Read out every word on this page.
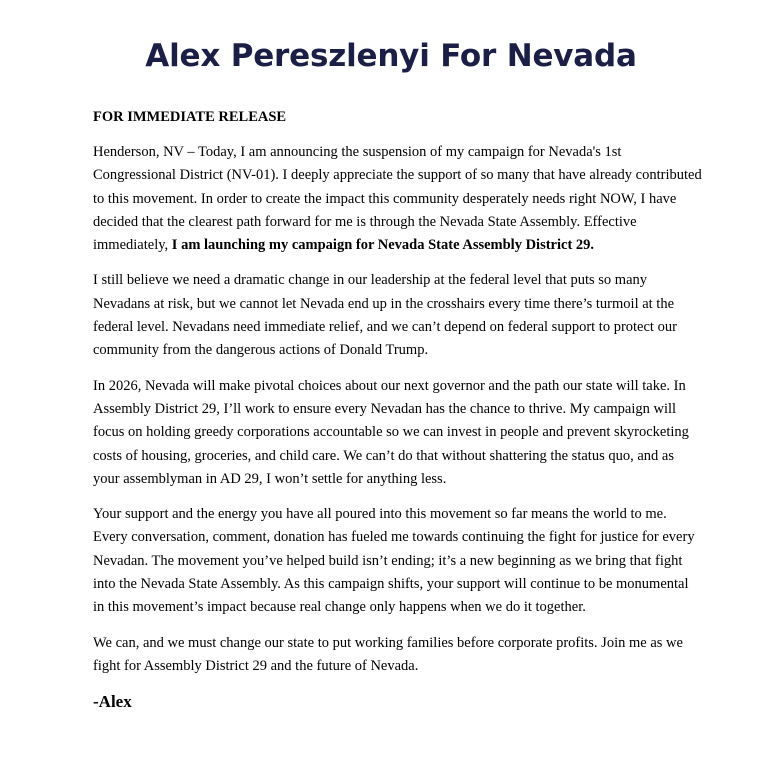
Alex Pereszlenyi For Nevada

FOR IMMEDIATE RELEASE

Henderson, NV – Today, I am announcing the suspension of my campaign for Nevada's 1st Congressional District (NV-01). I deeply appreciate the support of so many that have already contributed to this movement. In order to create the impact this community desperately needs right NOW, I have decided that the clearest path forward for me is through the Nevada State Assembly. Effective immediately, I am launching my campaign for Nevada State Assembly District 29.

I still believe we need a dramatic change in our leadership at the federal level that puts so many Nevadans at risk, but we cannot let Nevada end up in the crosshairs every time there’s turmoil at the federal level. Nevadans need immediate relief, and we can’t depend on federal support to protect our community from the dangerous actions of Donald Trump.

In 2026, Nevada will make pivotal choices about our next governor and the path our state will take. In Assembly District 29, I’ll work to ensure every Nevadan has the chance to thrive. My campaign will focus on holding greedy corporations accountable so we can invest in people and prevent skyrocketing costs of housing, groceries, and child care. We can’t do that without shattering the status quo, and as your assemblyman in AD 29, I won’t settle for anything less.

Your support and the energy you have all poured into this movement so far means the world to me. Every conversation, comment, donation has fueled me towards continuing the fight for justice for every Nevadan. The movement you’ve helped build isn’t ending; it’s a new beginning as we bring that fight into the Nevada State Assembly. As this campaign shifts, your support will continue to be monumental in this movement’s impact because real change only happens when we do it together.

We can, and we must change our state to put working families before corporate profits. Join me as we fight for Assembly District 29 and the future of Nevada.

-Alex
